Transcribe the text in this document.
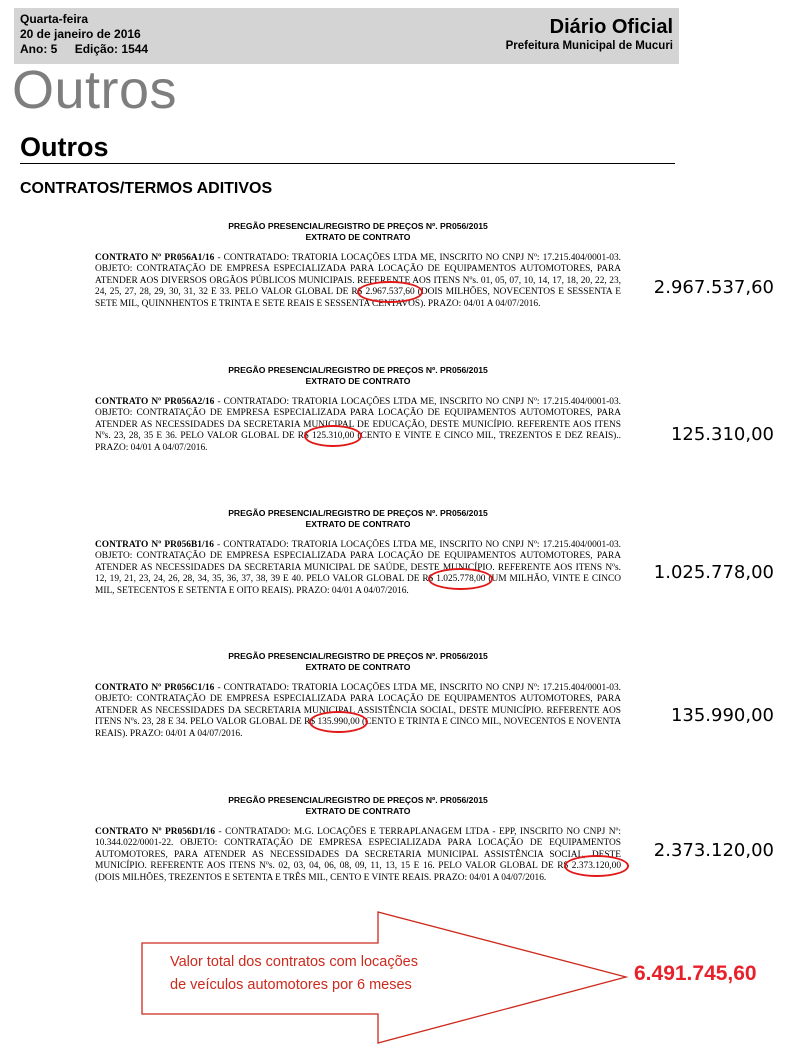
Quarta-feira
20 de janeiro de 2016
Ano: 5 Edição: 1544
Diário Oficial
Prefeitura Municipal de Mucuri
Outros
Outros
CONTRATOS/TERMOS ADITIVOS
PREGÃO PRESENCIAL/REGISTRO DE PREÇOS Nº. PR056/2015
EXTRATO DE CONTRATO
CONTRATO Nº PR056A1/16 - CONTRATADO: TRATORIA LOCAÇÕES LTDA ME, INSCRITO NO CNPJ Nº: 17.215.404/0001-03. OBJETO: CONTRATAÇÃO DE EMPRESA ESPECIALIZADA PARA LOCAÇÃO DE EQUIPAMENTOS AUTOMOTORES, PARA ATENDER AOS DIVERSOS ORGÃOS PÚBLICOS MUNICIPAIS. REFERENTE AOS ITENS Nºs. 01, 05, 07, 10, 14, 17, 18, 20, 22, 23, 24, 25, 27, 28, 29, 30, 31, 32 E 33. PELO VALOR GLOBAL DE R$ 2.967.537,60 (DOIS MILHÕES, NOVECENTOS E SESSENTA E SETE MIL, QUINNHENTOS E TRINTA E SETE REAIS E SESSENTA CENTAVOS). PRAZO: 04/01 A 04/07/2016.
2.967.537,60
PREGÃO PRESENCIAL/REGISTRO DE PREÇOS Nº. PR056/2015
EXTRATO DE CONTRATO
CONTRATO Nº PR056A2/16 - CONTRATADO: TRATORIA LOCAÇÕES LTDA ME, INSCRITO NO CNPJ Nº: 17.215.404/0001-03. OBJETO: CONTRATAÇÃO DE EMPRESA ESPECIALIZADA PARA LOCAÇÃO DE EQUIPAMENTOS AUTOMOTORES, PARA ATENDER AS NECESSIDADES DA SECRETARIA MUNICIPAL DE EDUCAÇÃO, DESTE MUNICÍPIO. REFERENTE AOS ITENS Nºs. 23, 28, 35 E 36. PELO VALOR GLOBAL DE R$ 125.310,00 (CENTO E VINTE E CINCO MIL, TREZENTOS E DEZ REAIS).. PRAZO: 04/01 A 04/07/2016.
125.310,00
PREGÃO PRESENCIAL/REGISTRO DE PREÇOS Nº. PR056/2015
EXTRATO DE CONTRATO
CONTRATO Nº PR056B1/16 - CONTRATADO: TRATORIA LOCAÇÕES LTDA ME, INSCRITO NO CNPJ Nº: 17.215.404/0001-03. OBJETO: CONTRATAÇÃO DE EMPRESA ESPECIALIZADA PARA LOCAÇÃO DE EQUIPAMENTOS AUTOMOTORES, PARA ATENDER AS NECESSIDADES DA SECRETARIA MUNICIPAL DE SAÚDE, DESTE MUNICÍPIO. REFERENTE AOS ITENS Nºs. 12, 19, 21, 23, 24, 26, 28, 34, 35, 36, 37, 38, 39 E 40. PELO VALOR GLOBAL DE R$ 1.025.778,00 (UM MILHÃO, VINTE E CINCO MIL, SETECENTOS E SETENTA E OITO REAIS). PRAZO: 04/01 A 04/07/2016.
1.025.778,00
PREGÃO PRESENCIAL/REGISTRO DE PREÇOS Nº. PR056/2015
EXTRATO DE CONTRATO
CONTRATO Nº PR056C1/16 - CONTRATADO: TRATORIA LOCAÇÕES LTDA ME, INSCRITO NO CNPJ Nº: 17.215.404/0001-03. OBJETO: CONTRATAÇÃO DE EMPRESA ESPECIALIZADA PARA LOCAÇÃO DE EQUIPAMENTOS AUTOMOTORES, PARA ATENDER AS NECESSIDADES DA SECRETARIA MUNICIPAL ASSISTÊNCIA SOCIAL, DESTE MUNICÍPIO. REFERENTE AOS ITENS Nºs. 23, 28 E 34. PELO VALOR GLOBAL DE R$ 135.990,00 (CENTO E TRINTA E CINCO MIL, NOVECENTOS E NOVENTA REAIS). PRAZO: 04/01 A 04/07/2016.
135.990,00
PREGÃO PRESENCIAL/REGISTRO DE PREÇOS Nº. PR056/2015
EXTRATO DE CONTRATO
CONTRATO Nº PR056D1/16 - CONTRATADO: M.G. LOCAÇÕES E TERRAPLANAGEM LTDA - EPP, INSCRITO NO CNPJ Nº: 10.344.022/0001-22. OBJETO: CONTRATAÇÃO DE EMPRESA ESPECIALIZADA PARA LOCAÇÃO DE EQUIPAMENTOS AUTOMOTORES, PARA ATENDER AS NECESSIDADES DA SECRETARIA MUNICIPAL ASSISTÊNCIA SOCIAL, DESTE MUNICÍPIO. REFERENTE AOS ITENS Nºs. 02, 03, 04, 06, 08, 09, 11, 13, 15 E 16. PELO VALOR GLOBAL DE R$ 2.373.120,00 (DOIS MILHÕES, TREZENTOS E SETENTA E TRÊS MIL, CENTO E VINTE REAIS. PRAZO: 04/01 A 04/07/2016.
2.373.120,00
Valor total dos contratos com locações
de veículos automotores por 6 meses	6.491.745,60
